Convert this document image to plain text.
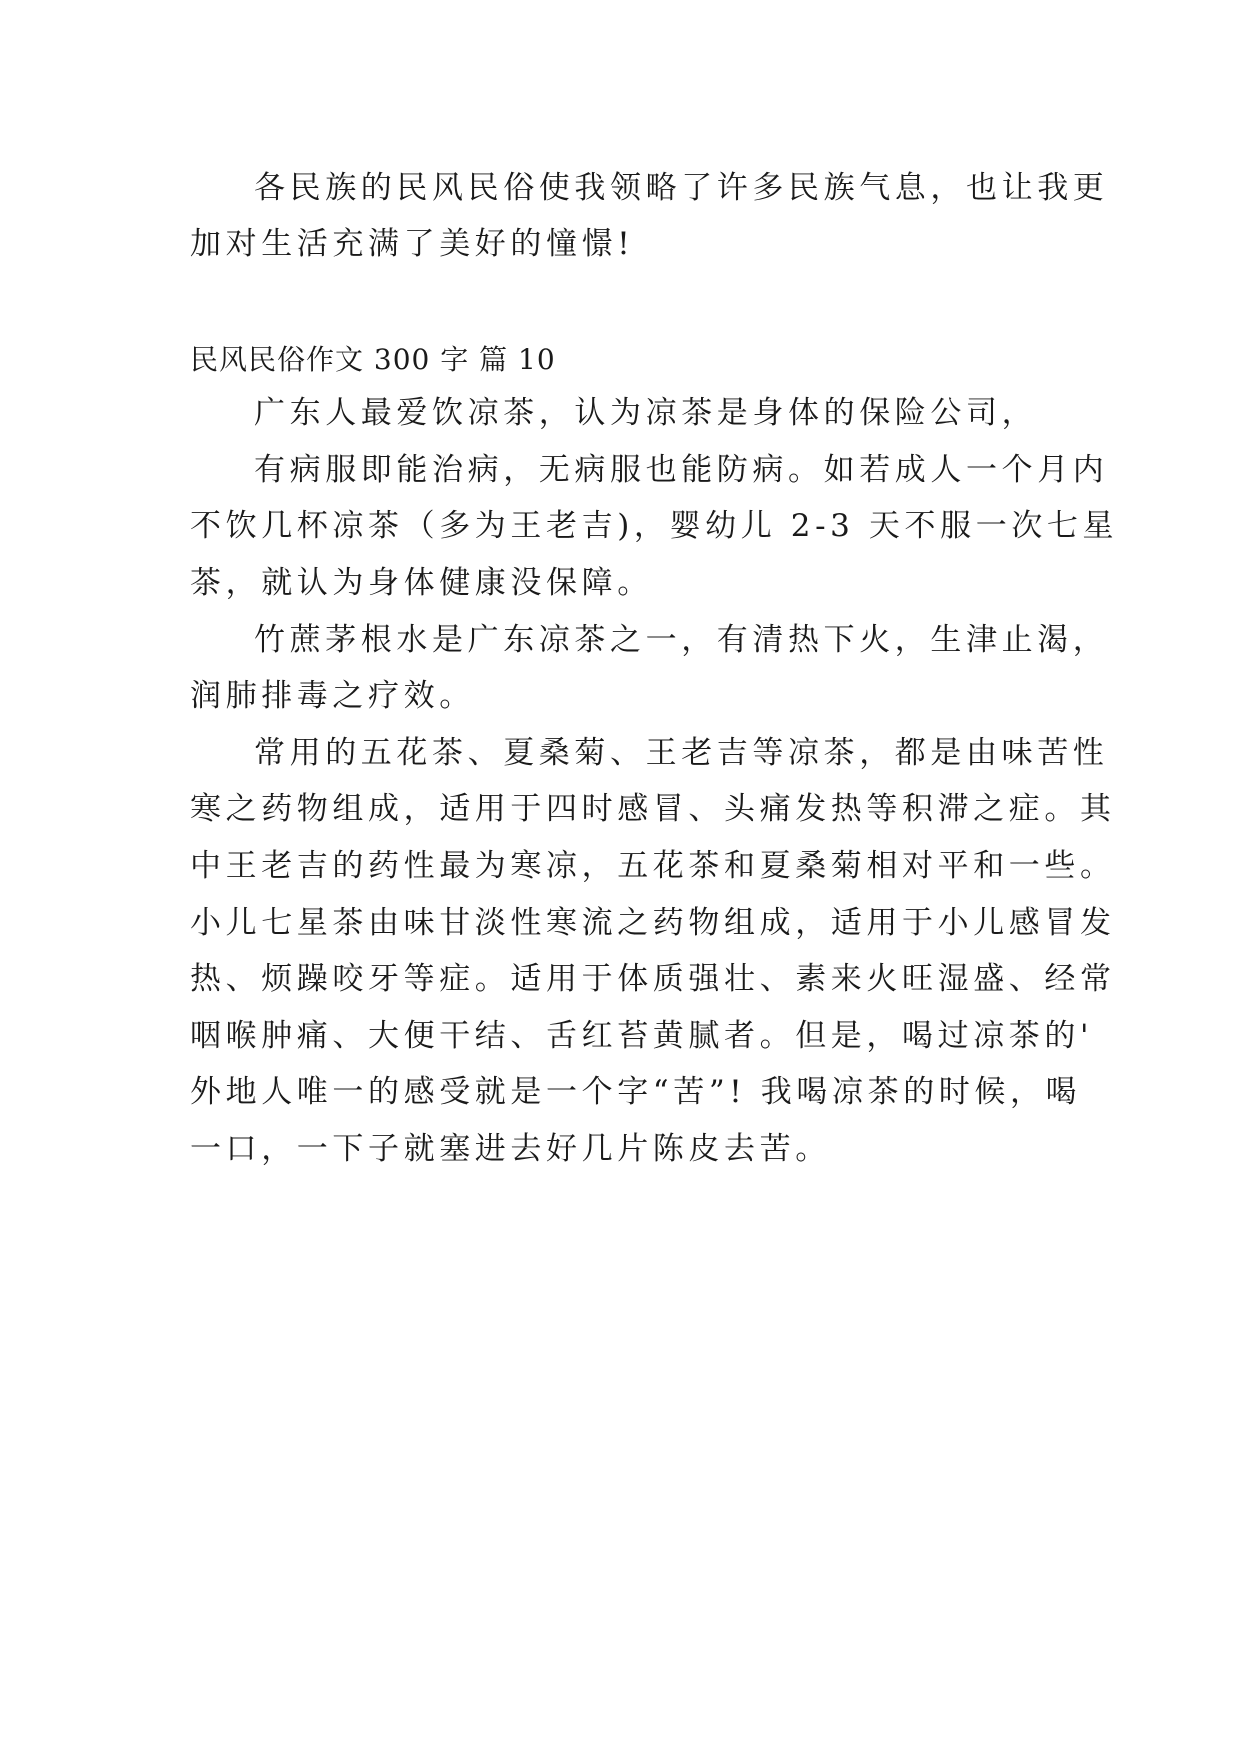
各民族的民风民俗使我领略了许多民族气息，也让我更
加对生活充满了美好的憧憬!
民风民俗作文 300 字 篇 10
广东人最爱饮凉茶，认为凉茶是身体的保险公司，
有病服即能治病，无病服也能防病。如若成人一个月内
不饮几杯凉茶（多为王老吉)，婴幼儿 2-3 天不服一次七星
茶，就认为身体健康没保障。
竹蔗茅根水是广东凉茶之一，有清热下火，生津止渴，
润肺排毒之疗效。
常用的五花茶、夏桑菊、王老吉等凉茶，都是由味苦性
寒之药物组成，适用于四时感冒、头痛发热等积滞之症。其
中王老吉的药性最为寒凉，五花茶和夏桑菊相对平和一些。
小儿七星茶由味甘淡性寒流之药物组成，适用于小儿感冒发
热、烦躁咬牙等症。适用于体质强壮、素来火旺湿盛、经常
咽喉肿痛、大便干结、舌红苔黄腻者。但是，喝过凉茶的'
外地人唯一的感受就是一个字“苦”! 我喝凉茶的时候，喝
一口，一下子就塞进去好几片陈皮去苦。
